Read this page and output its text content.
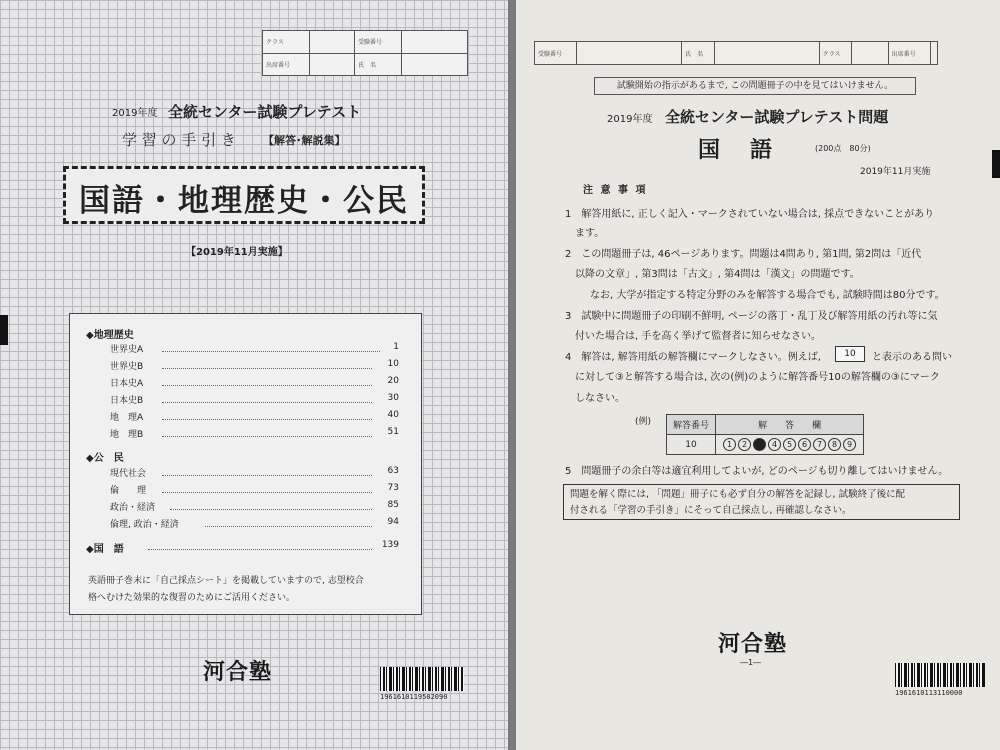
クラス		受験番号	
出席番号		氏　名	
2019年度 全統センター試験プレテスト
学 習 の 手 引 き 【解答･解説集】
国語・地理歴史・公民
【2019年11月実施】
◆地理歴史
世界史A	1
世界史B	10
日本史A	20
日本史B	30
地　理A	40
地　理B	51
◆公　民
現代社会	63
倫　　理	73
政治・経済	85
倫理, 政治・経済	94
◆国　語	139
英語冊子巻末に「自己採点シート」を掲載していますので, 志望校合
格へむけた効果的な復習のためにご活用ください。
河合塾
1961610119502090
受験番号		氏　名		クラス		出席番号	
試験開始の指示があるまで, この問題冊子の中を見てはいけません。
2019年度 全統センター試験プレテスト問題
国　語	(200点　80分)
2019年11月実施
注 意 事 項
1　解答用紙に, 正しく記入・マークされていない場合は, 採点できないことがあり
ます。
2　この問題冊子は, 46ページあります。問題は4問あり, 第1問, 第2問は「近代
以降の文章」, 第3問は「古文」, 第4問は「漢文」の問題です。
なお, 大学が指定する特定分野のみを解答する場合でも, 試験時間は80分です。
3　試験中に問題冊子の印刷不鮮明, ページの落丁・乱丁及び解答用紙の汚れ等に気
付いた場合は, 手を高く挙げて監督者に知らせなさい。
4　解答は, 解答用紙の解答欄にマークしなさい。例えば,	10	と表示のある問い
に対して③と解答する場合は, 次の(例)のように解答番号10の解答欄の③にマーク
しなさい。
(例) 解答番号	解　　答　　欄
10	1 2 3 4 5 6 7 8 9
5　問題冊子の余白等は適宜利用してよいが, どのページも切り離してはいけません。
問題を解く際には, 「問題」冊子にも必ず自分の解答を記録し, 試験終了後に配
付される「学習の手引き」にそって自己採点し, 再確認しなさい。
河合塾
―1―
1961610113110000
